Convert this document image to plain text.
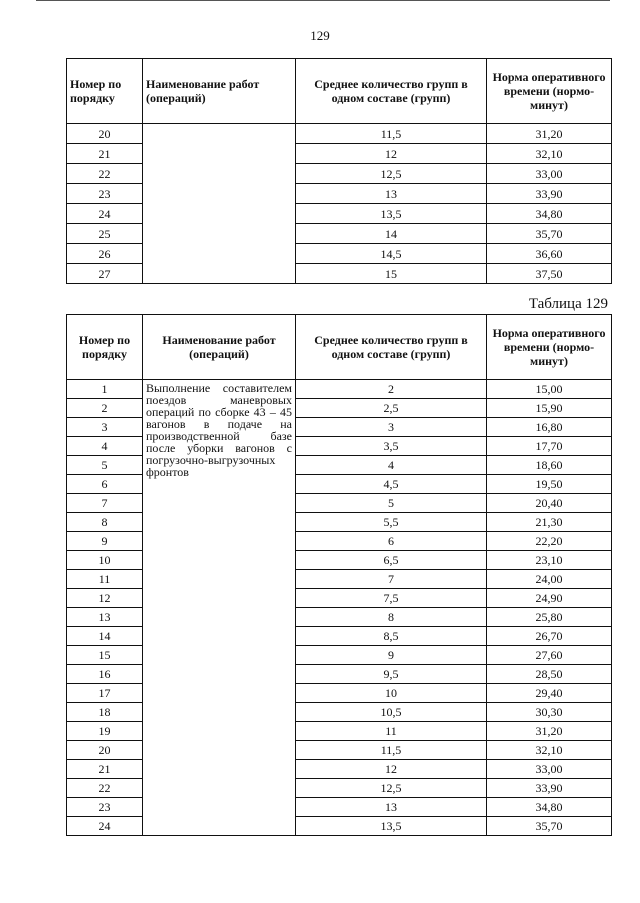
129
Номер по порядку	Наименование работ (операций)	Среднее количество групп в одном составе (групп)	Норма оперативного времени (нормо-минут)
20		11,5	31,20
21		12	32,10
22		12,5	33,00
23		13	33,90
24		13,5	34,80
25		14	35,70
26		14,5	36,60
27		15	37,50
Таблица 129
Номер по порядку	Наименование работ (операций)	Среднее количество групп в одном составе (групп)	Норма оперативного времени (нормо-минут)
1	Выполнение составителем поездов маневровых операций по сборке 43 – 45 вагонов в подаче на производственной базе после уборки вагонов с погрузочно-выгрузочных фронтов	2	15,00
2		2,5	15,90
3		3	16,80
4		3,5	17,70
5		4	18,60
6		4,5	19,50
7		5	20,40
8		5,5	21,30
9		6	22,20
10		6,5	23,10
11		7	24,00
12		7,5	24,90
13		8	25,80
14		8,5	26,70
15		9	27,60
16		9,5	28,50
17		10	29,40
18		10,5	30,30
19		11	31,20
20		11,5	32,10
21		12	33,00
22		12,5	33,90
23		13	34,80
24		13,5	35,70
